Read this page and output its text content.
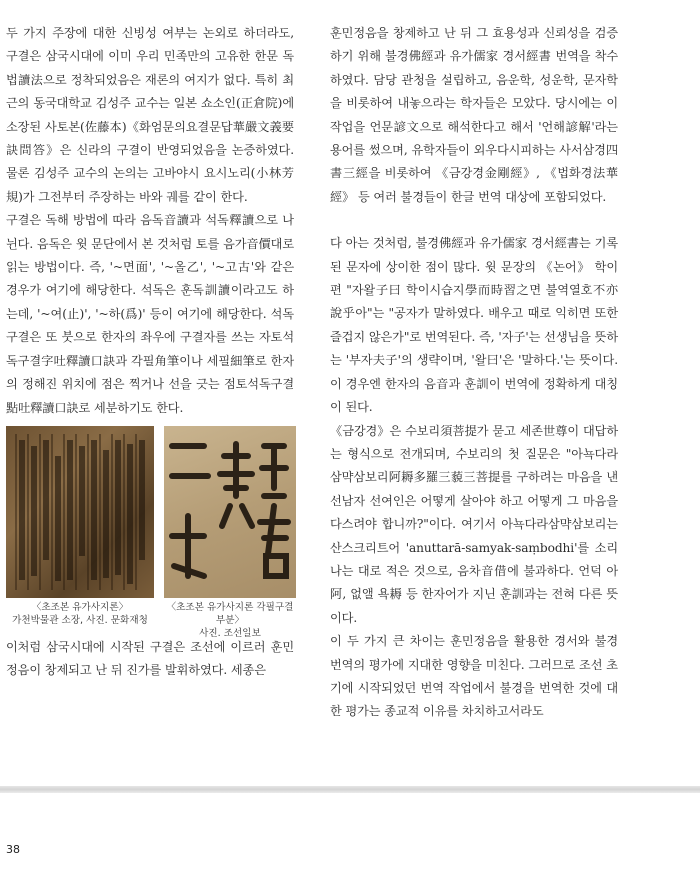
두 가지 주장에 대한 신빙성 여부는 논외로 하더라도, 구결은 삼국시대에 이미 우리 민족만의 고유한 한문 독법讀法으로 정착되었음은 재론의 여지가 없다. 특히 최근의 동국대학교 김성주 교수는 일본 쇼소인(正倉院)에 소장된 사토본(佐藤本)《화엄문의요결문답華嚴文義要訣問答》은 신라의 구결이 반영되었음을 논증하였다. 물론 김성주 교수의 논의는 고바야시 요시노리(小林芳規)가 그전부터 주장하는 바와 궤를 같이 한다.

구결은 독해 방법에 따라 음독音讀과 석독釋讀으로 나뉜다. 음독은 윗 문단에서 본 것처럼 토를 음가音價대로 읽는 방법이다. 즉, '~면面', '~올乙', '~고古'와 같은 경우가 여기에 해당한다. 석독은 훈독訓讀이라고도 하는데, '~여(止)', '~하(爲)' 등이 여기에 해당한다. 석독구결은 또 붓으로 한자의 좌우에 구결자를 쓰는 자토석독구결字吐釋讀口訣과 각필角筆이나 세필細筆로 한자의 정해진 위치에 점은 찍거나 선을 긋는 점토석독구결點吐釋讀口訣로 세분하기도 한다.

〈초조본 유가사지론〉
가천박물관 소장, 사진. 문화재청
〈초조본 유가사지론 각필구결 부분〉
사진. 조선일보

이처럼 삼국시대에 시작된 구결은 조선에 이르러 훈민정음이 창제되고 난 뒤 진가를 발휘하였다. 세종은

훈민정음을 창제하고 난 뒤 그 효용성과 신뢰성을 검증하기 위해 불경佛經과 유가儒家 경서經書 번역을 착수하였다. 담당 관청을 설립하고, 음운학, 성운학, 문자학을 비롯하여 내놓으라는 학자들은 모았다. 당시에는 이 작업을 언문諺文으로 해석한다고 해서 '언해諺解'라는 용어를 썼으며, 유학자들이 외우다시피하는 사서삼경四書三經을 비롯하여 《금강경金剛經》, 《법화경法華經》 등 여러 불경들이 한글 번역 대상에 포함되었다.

다 아는 것처럼, 불경佛經과 유가儒家 경서經書는 기록된 문자에 상이한 점이 많다. 윗 문장의 《논어》 학이편 "자왈子曰 학이시습지學而時習之면 불역열호不亦說乎아"는 "공자가 말하였다. 배우고 때로 익히면 또한 즐겁지 않은가"로 번역된다. 즉, '자子'는 선생님을 뜻하는 '부자夫子'의 생략이며, '왈曰'은 '말하다.'는 뜻이다. 이 경우엔 한자의 음音과 훈訓이 번역에 정확하게 대칭이 된다.

《금강경》은 수보리須菩提가 묻고 세존世尊이 대답하는 형식으로 전개되며, 수보리의 첫 질문은 "아뇩다라삼먁삼보리阿耨多羅三藐三菩提를 구하려는 마음을 낸 선남자 선여인은 어떻게 살아야 하고 어떻게 그 마음을 다스려야 합니까?"이다. 여기서 아뇩다라삼먁삼보리는 산스크리트어 'anuttarā-samyak-saṃbodhi'를 소리 나는 대로 적은 것으로, 음차音借에 불과하다. 언덕 아阿, 없앨 욕耨 등 한자어가 지닌 훈訓과는 전혀 다른 뜻이다.

이 두 가지 큰 차이는 훈민정음을 활용한 경서와 불경 번역의 평가에 지대한 영향을 미친다. 그러므로 조선 초기에 시작되었던 번역 작업에서 불경을 번역한 것에 대한 평가는 종교적 이유를 차치하고서라도

38
